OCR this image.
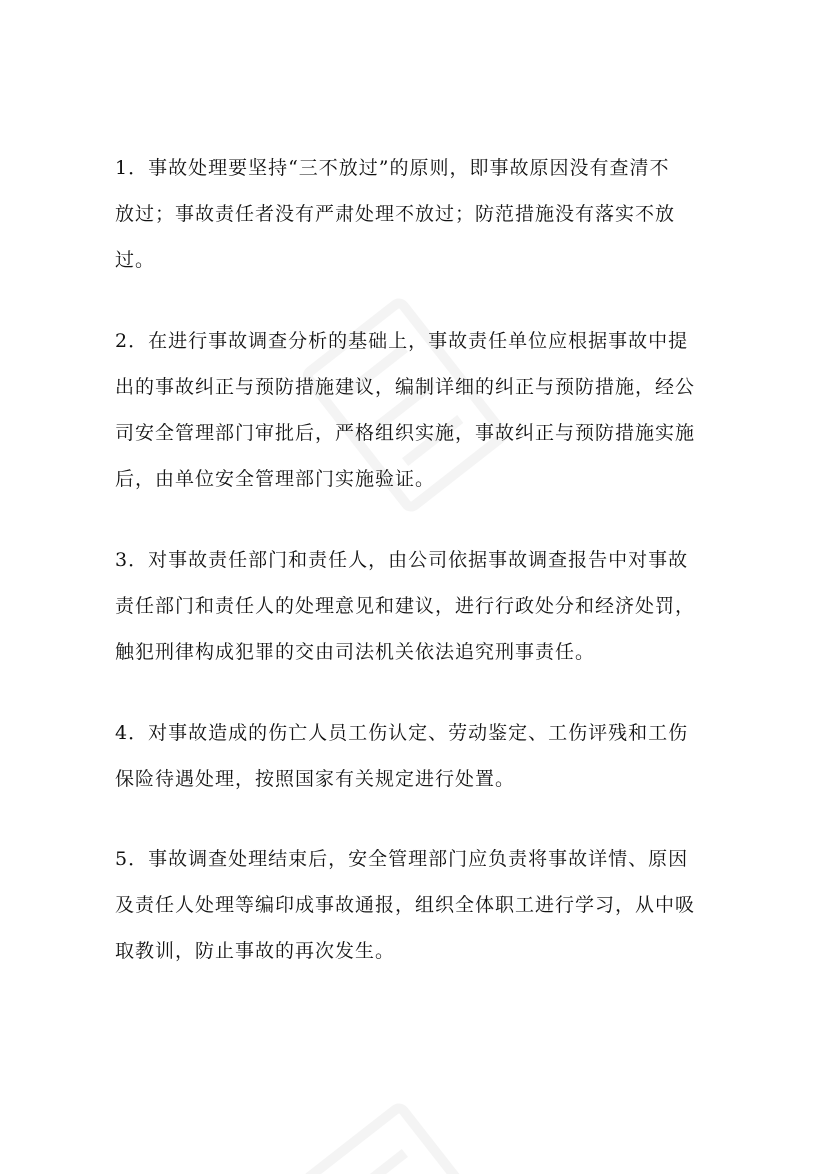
1．事故处理要坚持“三不放过”的原则，即事故原因没有查清不
放过；事故责任者没有严肃处理不放过；防范措施没有落实不放
过。

2．在进行事故调查分析的基础上，事故责任单位应根据事故中提
出的事故纠正与预防措施建议，编制详细的纠正与预防措施，经公
司安全管理部门审批后，严格组织实施，事故纠正与预防措施实施
后，由单位安全管理部门实施验证。

3．对事故责任部门和责任人，由公司依据事故调查报告中对事故
责任部门和责任人的处理意见和建议，进行行政处分和经济处罚，
触犯刑律构成犯罪的交由司法机关依法追究刑事责任。

4．对事故造成的伤亡人员工伤认定、劳动鉴定、工伤评残和工伤
保险待遇处理，按照国家有关规定进行处置。

5．事故调查处理结束后，安全管理部门应负责将事故详情、原因
及责任人处理等编印成事故通报，组织全体职工进行学习，从中吸
取教训，防止事故的再次发生。
